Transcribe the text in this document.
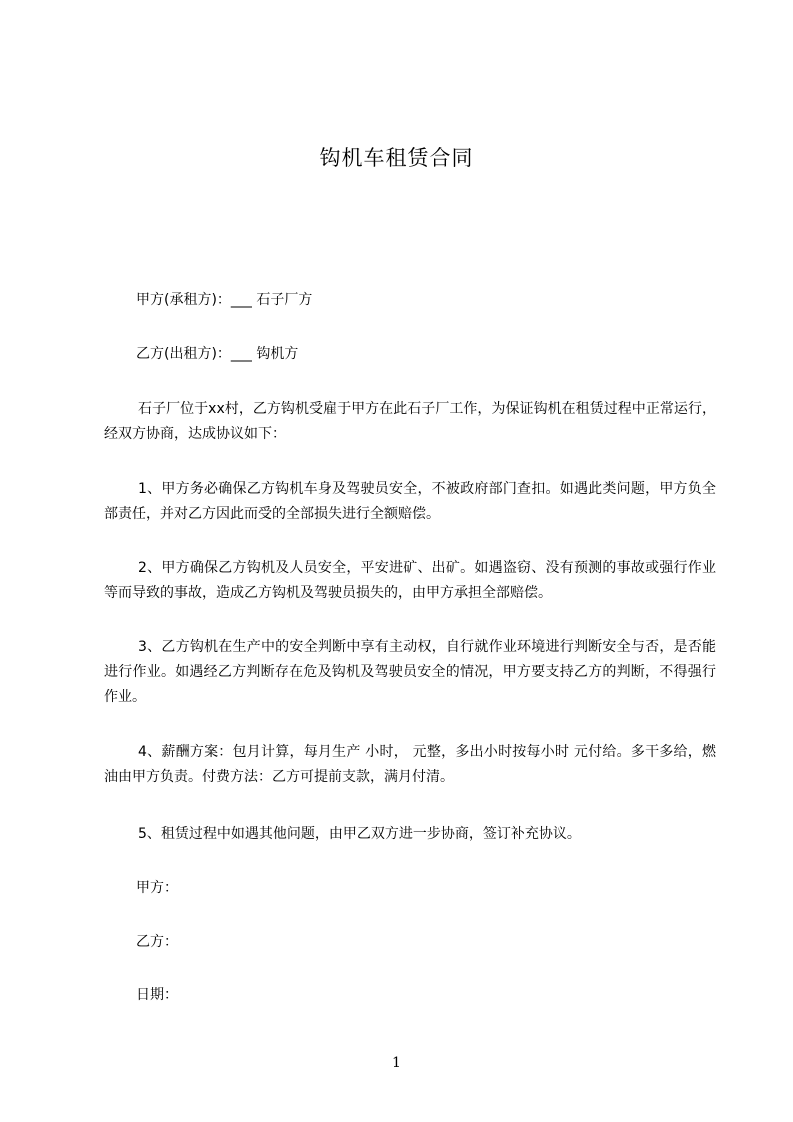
钩机车租赁合同
甲方(承租方)：___ 石子厂方
乙方(出租方)：___ 钩机方

石子厂位于xx村，乙方钩机受雇于甲方在此石子厂工作，为保证钩机在租赁过程中正常运行，经双方协商，达成协议如下：

1、甲方务必确保乙方钩机车身及驾驶员安全，不被政府部门查扣。如遇此类问题，甲方负全部责任，并对乙方因此而受的全部损失进行全额赔偿。

2、甲方确保乙方钩机及人员安全，平安进矿、出矿。如遇盗窃、没有预测的事故或强行作业等而导致的事故，造成乙方钩机及驾驶员损失的，由甲方承担全部赔偿。

3、乙方钩机在生产中的安全判断中享有主动权，自行就作业环境进行判断安全与否，是否能进行作业。如遇经乙方判断存在危及钩机及驾驶员安全的情况，甲方要支持乙方的判断，不得强行作业。

4、薪酬方案：包月计算，每月生产 小时， 元整，多出小时按每小时 元付给。多干多给，燃油由甲方负责。付费方法：乙方可提前支款，满月付清。

5、租赁过程中如遇其他问题，由甲乙双方进一步协商，签订补充协议。

甲方：
乙方：
日期：
1
